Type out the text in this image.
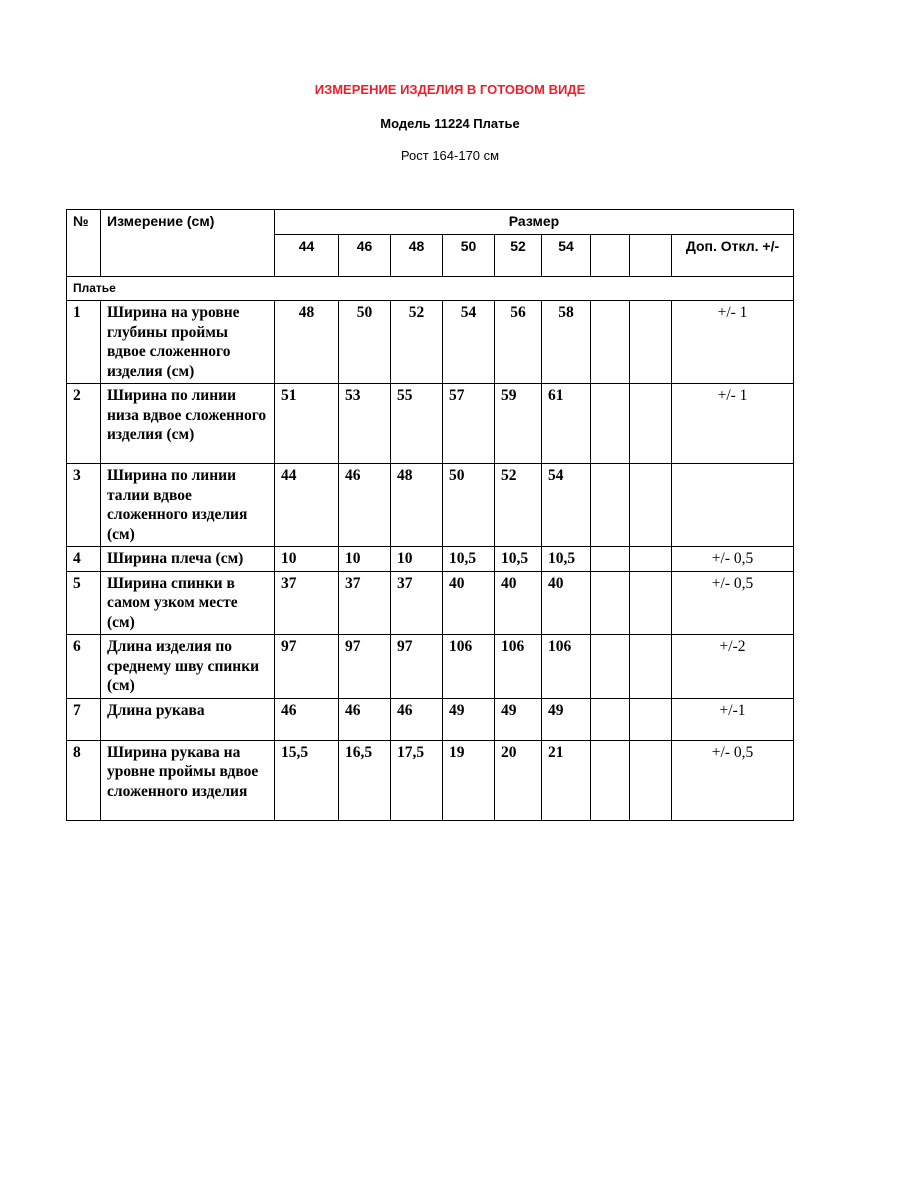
ИЗМЕРЕНИЕ ИЗДЕЛИЯ В ГОТОВОМ ВИДЕ
Модель 11224 Платье
Рост 164-170 см
№	Измерение (см)	Размер								
		44	46	48	50	52	54			Доп. Откл. +/-
Платье										
1	Ширина на уровне глубины проймы вдвое сложенного изделия (см)	48	50	52	54	56	58			+/- 1
2	Ширина по линии низа вдвое сложенного изделия (см)	51	53	55	57	59	61			+/- 1
3	Ширина по линии талии вдвое сложенного изделия (см)	44	46	48	50	52	54			
4	Ширина плеча (см)	10	10	10	10,5	10,5	10,5			+/- 0,5
5	Ширина спинки в самом узком месте (см)	37	37	37	40	40	40			+/- 0,5
6	Длина изделия по среднему шву спинки (см)	97	97	97	106	106	106			+/-2
7	Длина рукава	46	46	46	49	49	49			+/-1
8	Ширина рукава на уровне проймы вдвое сложенного изделия	15,5	16,5	17,5	19	20	21			+/- 0,5
